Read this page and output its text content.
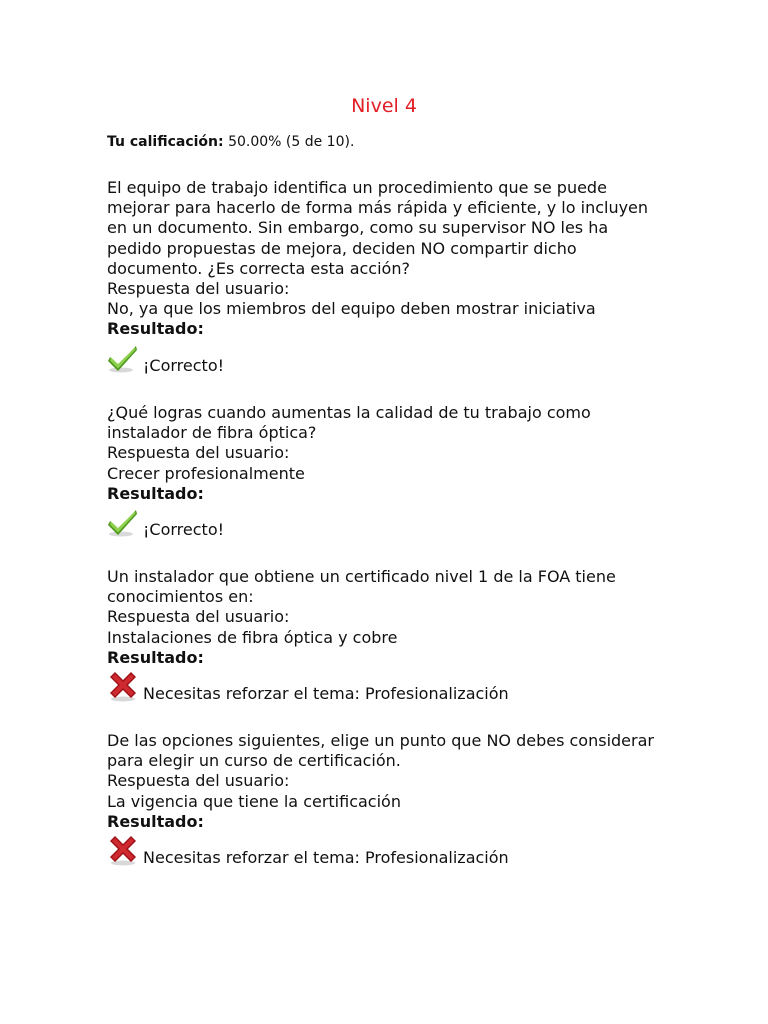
Nivel 4
Tu calificación: 50.00% (5 de 10).
El equipo de trabajo identifica un procedimiento que se puede mejorar para hacerlo de forma más rápida y eficiente, y lo incluyen en un documento. Sin embargo, como su supervisor NO les ha pedido propuestas de mejora, deciden NO compartir dicho documento. ¿Es correcta esta acción?
Respuesta del usuario:
No, ya que los miembros del equipo deben mostrar iniciativa
Resultado:
¡Correcto!
¿Qué logras cuando aumentas la calidad de tu trabajo como instalador de fibra óptica?
Respuesta del usuario:
Crecer profesionalmente
Resultado:
¡Correcto!
Un instalador que obtiene un certificado nivel 1 de la FOA tiene conocimientos en:
Respuesta del usuario:
Instalaciones de fibra óptica y cobre
Resultado:
Necesitas reforzar el tema: Profesionalización
De las opciones siguientes, elige un punto que NO debes considerar para elegir un curso de certificación.
Respuesta del usuario:
La vigencia que tiene la certificación
Resultado:
Necesitas reforzar el tema: Profesionalización
